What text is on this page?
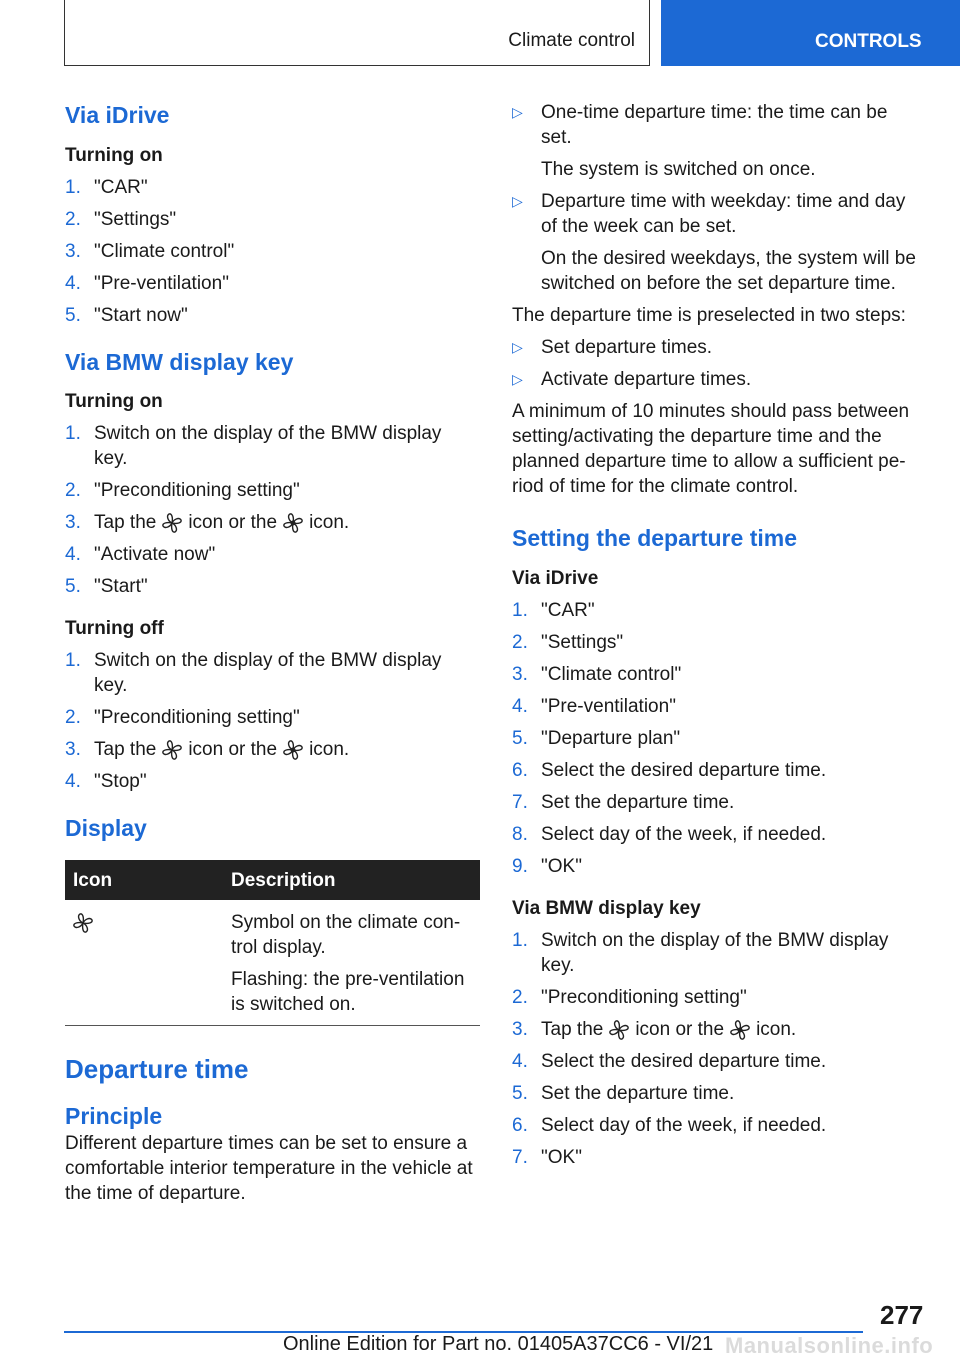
Climate control	CONTROLS
Via iDrive
Turning on
1. "CAR"
2. "Settings"
3. "Climate control"
4. "Pre-ventilation"
5. "Start now"
Via BMW display key
Turning on
1. Switch on the display of the BMW display key.
2. "Preconditioning setting"
3. Tap the icon or the icon.
4. "Activate now"
5. "Start"
Turning off
1. Switch on the display of the BMW display key.
2. "Preconditioning setting"
3. Tap the icon or the icon.
4. "Stop"
Display
Icon	Description

Symbol on the climate con-trol display.

Flashing: the pre-ventilation is switched on.

Departure time
Principle

Different departure times can be set to ensure a comfortable interior temperature in the vehicle at the time of departure.

▷ One-time departure time: the time can be set.
The system is switched on once.
▷ Departure time with weekday: time and day of the week can be set.
On the desired weekdays, the system will be switched on before the set departure time.

The departure time is preselected in two steps:

▷ Set departure times.
▷ Activate departure times.

A minimum of 10 minutes should pass between setting/activating the departure time and the planned departure time to allow a sufficient pe-riod of time for the climate control.

Setting the departure time
Via iDrive
1. "CAR"
2. "Settings"
3. "Climate control"
4. "Pre-ventilation"
5. "Departure plan"
6. Select the desired departure time.
7. Set the departure time.
8. Select day of the week, if needed.
9. "OK"
Via BMW display key
1. Switch on the display of the BMW display key.
2. "Preconditioning setting"
3. Tap the icon or the icon.
4. Select the desired departure time.
5. Set the departure time.
6. Select day of the week, if needed.
7. "OK"
277
Online Edition for Part no. 01405A37CC6 - VI/21 Manualsonline.info
